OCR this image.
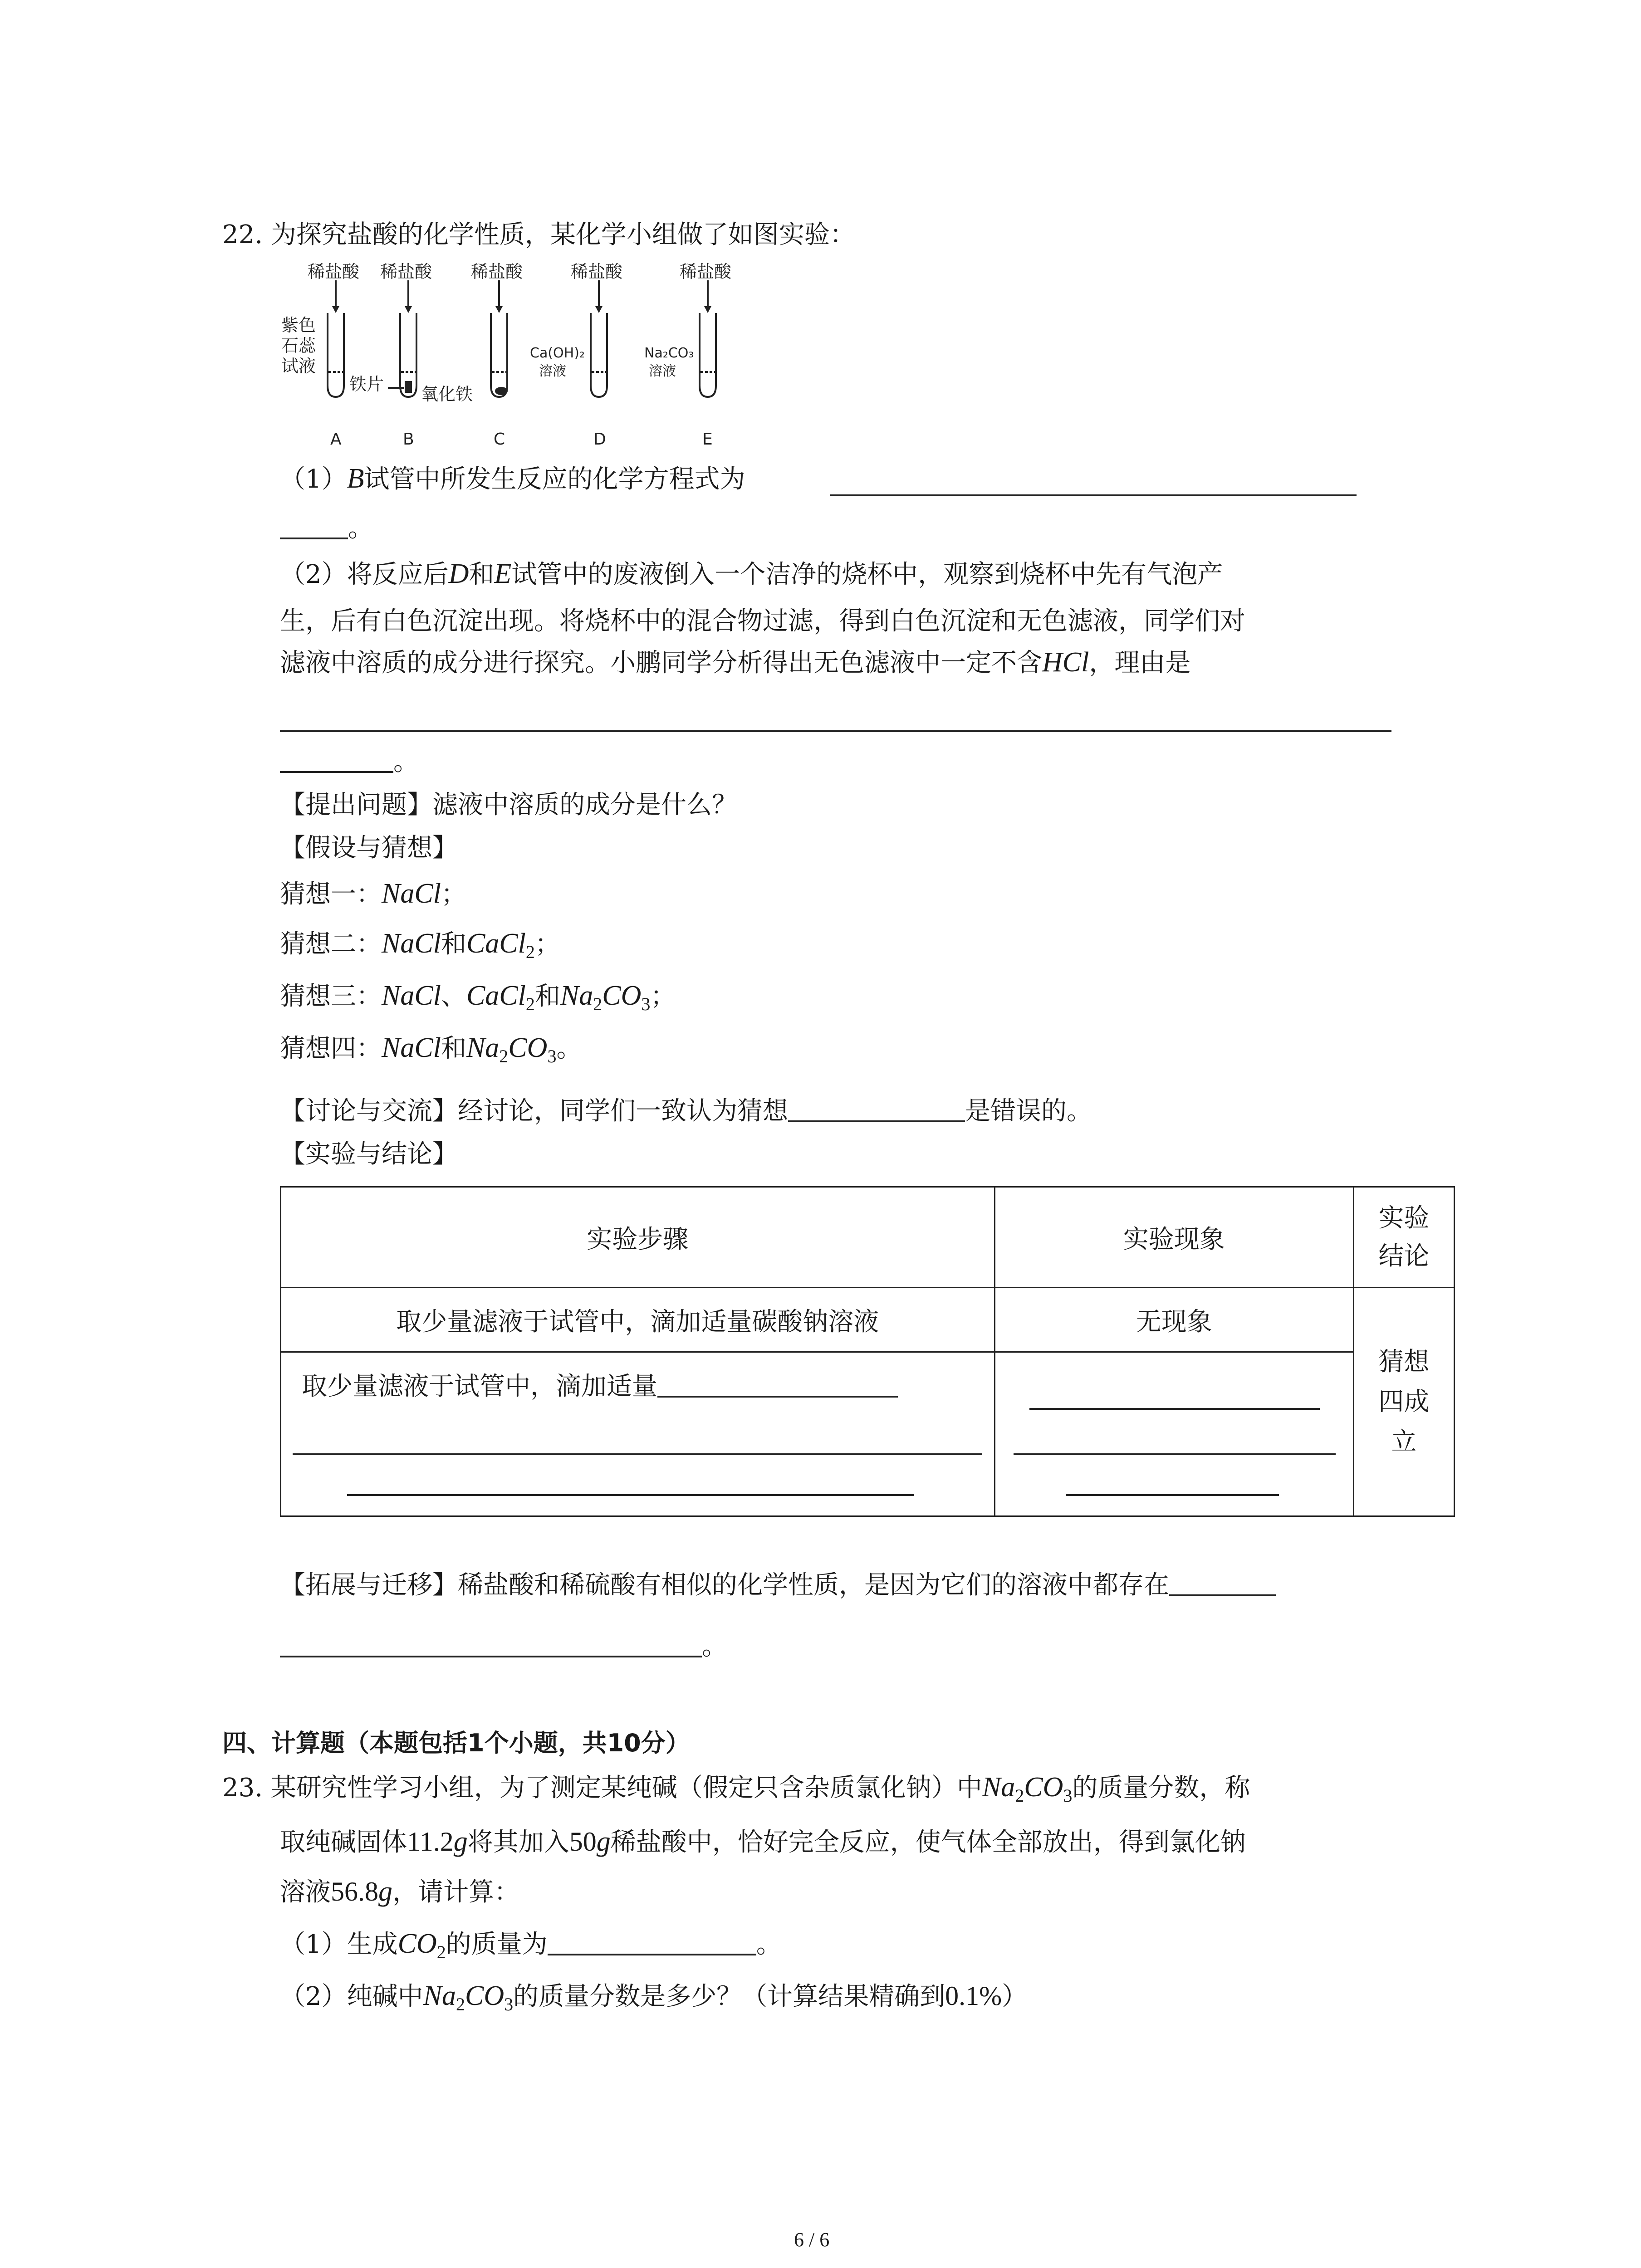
22. 为探究盐酸的化学性质，某化学小组做了如图实验：
稀盐酸 稀盐酸 稀盐酸	稀盐酸	稀盐酸
紫色
石蕊
试液
铁片 氧化铁
Ca(OH)₂
溶液
Na₂CO₃
溶液
A	B	C	D	E
（1）B试管中所发生反应的化学方程式为
。
（2）将反应后D和E试管中的废液倒入一个洁净的烧杯中，观察到烧杯中先有气泡产
生，后有白色沉淀出现。将烧杯中的混合物过滤，得到白色沉淀和无色滤液，同学们对
滤液中溶质的成分进行探究。小鹏同学分析得出无色滤液中一定不含HCl，理由是
。
【提出问题】滤液中溶质的成分是什么？
【假设与猜想】
猜想一：NaCl；
猜想二：NaCl和CaCl$_2$；
猜想三：NaCl、CaCl$_2$和$Na_2CO_3$；
猜想四：NaCl和$Na_2CO_3$。
【讨论与交流】经讨论，同学们一致认为猜想	是错误的。
【实验与结论】
实验步骤	实验现象	实验
结论
取少量滤液于试管中，滴加适量碳酸钠溶液	无现象	猜想
四成
立

取少量滤液于试管中，滴加适量		

【拓展与迁移】稀盐酸和稀硫酸有相似的化学性质，是因为它们的溶液中都存在
。
四、计算题（本题包括1个小题，共10分）
23. 某研究性学习小组，为了测定某纯碱（假定只含杂质氯化钠）中$Na_2CO_3$的质量分数，称
取纯碱固体11.2g将其加入50g稀盐酸中，恰好完全反应，使气体全部放出，得到氯化钠
溶液56.8g，请计算：
（1）生成$CO_2$的质量为	。
（2）纯碱中$Na_2CO_3$的质量分数是多少？（计算结果精确到0.1%）
6 / 6
